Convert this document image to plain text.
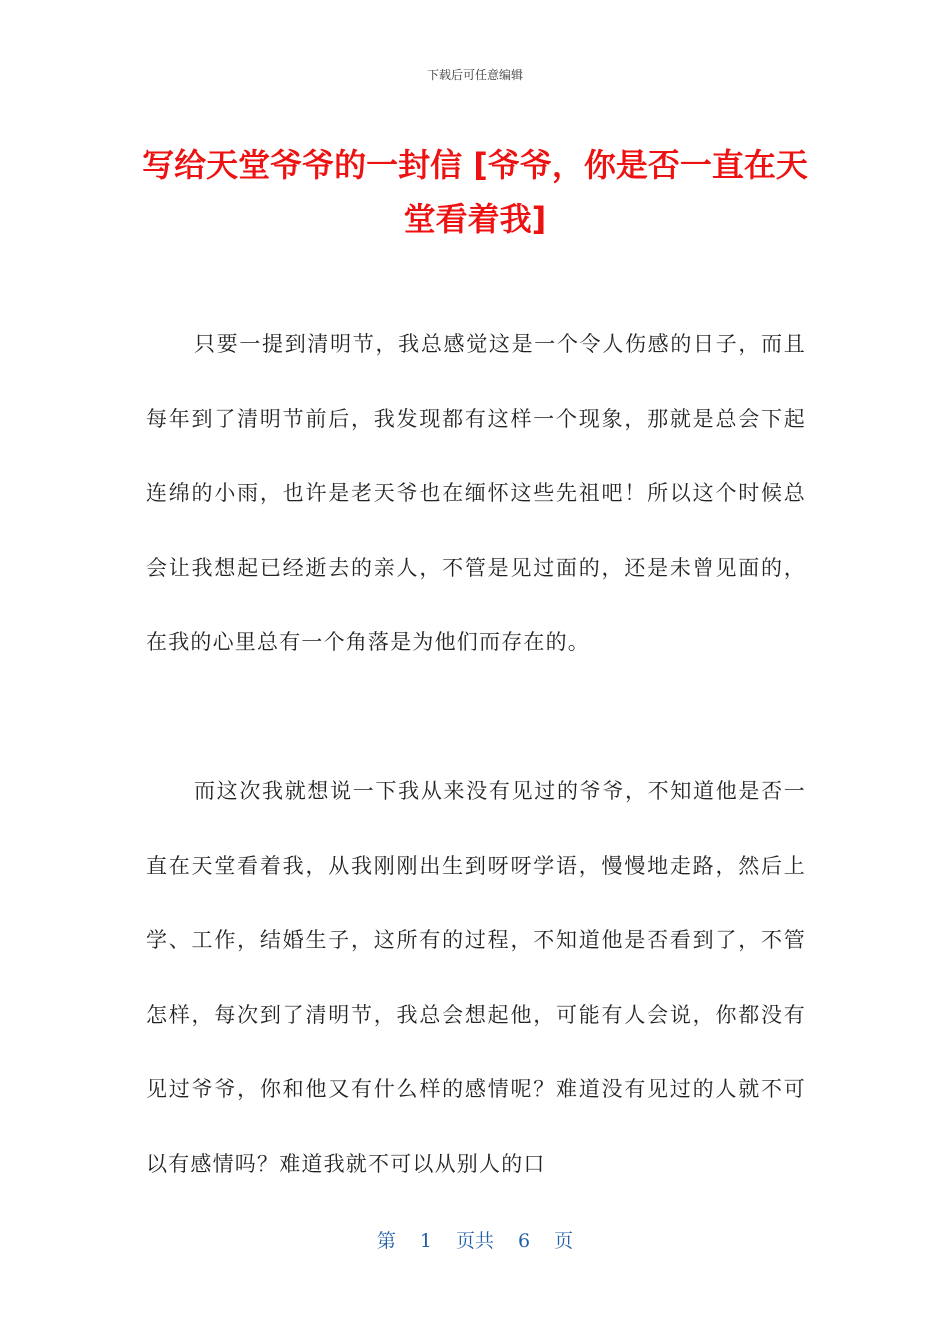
下载后可任意编辑
写给天堂爷爷的一封信 [爷爷，你是否一直在天堂看着我]

只要一提到清明节，我总感觉这是一个令人伤感的日子，而且每年到了清明节前后，我发现都有这样一个现象，那就是总会下起连绵的小雨，也许是老天爷也在缅怀这些先祖吧！所以这个时候总会让我想起已经逝去的亲人，不管是见过面的，还是未曾见面的，在我的心里总有一个角落是为他们而存在的。

而这次我就想说一下我从来没有见过的爷爷，不知道他是否一直在天堂看着我，从我刚刚出生到呀呀学语，慢慢地走路，然后上学、工作，结婚生子，这所有的过程，不知道他是否看到了，不管怎样，每次到了清明节，我总会想起他，可能有人会说，你都没有见过爷爷，你和他又有什么样的感情呢？难道没有见过的人就不可以有感情吗？难道我就不可以从别人的口

第 1 页共 6 页
